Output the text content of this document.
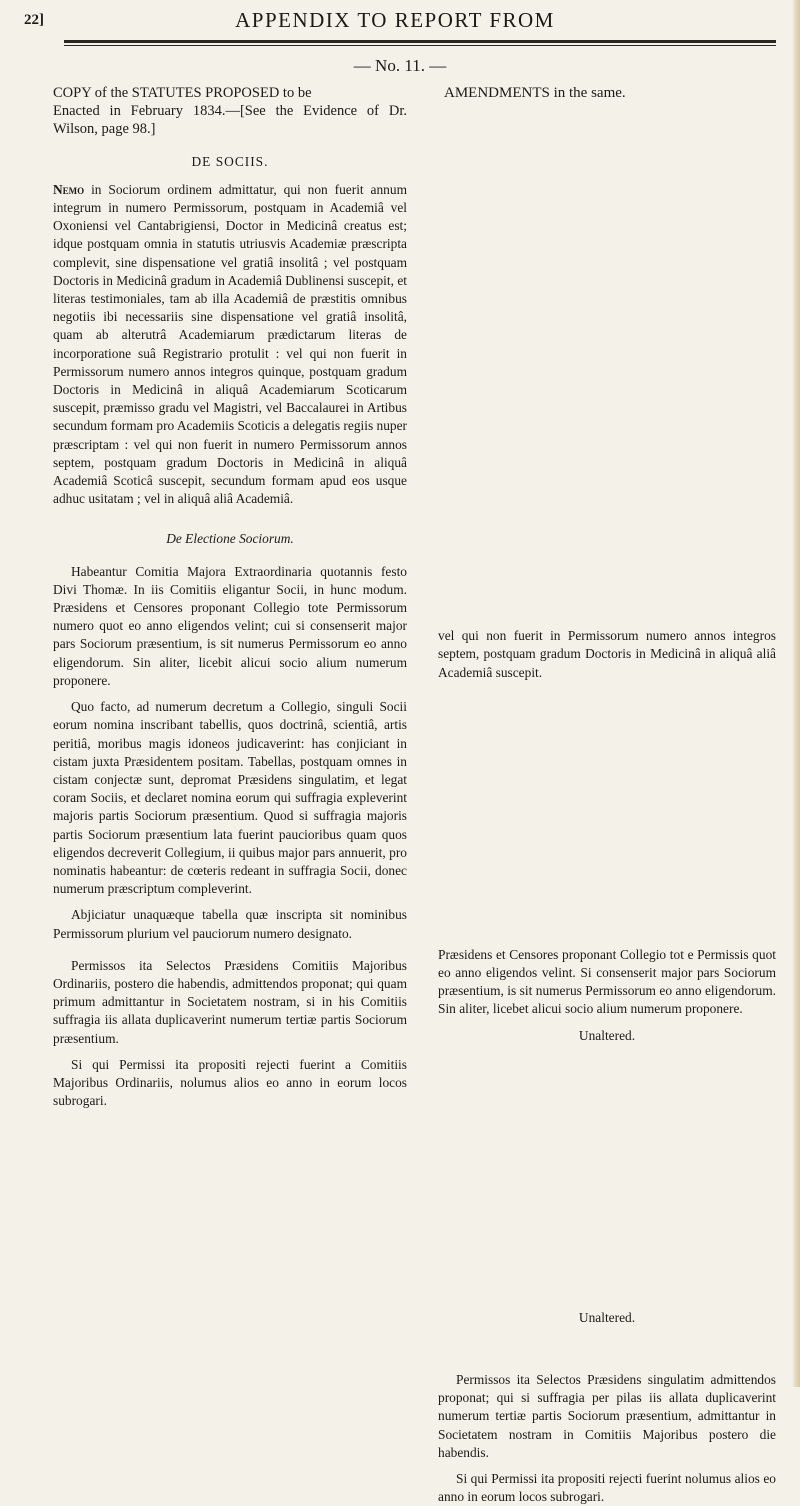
22]	APPENDIX TO REPORT FROM
— No. 11. —

COPY of the STATUTES PROPOSED to be

Enacted in February 1834.—[See the Evidence of Dr. Wilson, page 98.]

DE SOCIIS.

Nemo in Sociorum ordinem admittatur, qui non fuerit annum integrum in numero Permissorum, postquam in Academiâ vel Oxoniensi vel Cantabrigiensi, Doctor in Medicinâ creatus est; idque postquam omnia in statutis utriusvis Academiæ præscripta complevit, sine dispensatione vel gratiâ insolitâ ; vel postquam Doctoris in Medicinâ gradum in Academiâ Dublinensi suscepit, et literas testimoniales, tam ab illa Academiâ de præstitis omnibus negotiis ibi necessariis sine dispensatione vel gratiâ insolitâ, quam ab alterutrâ Academiarum prædictarum literas de incorporatione suâ Registrario protulit : vel qui non fuerit in Permissorum numero annos integros quinque, postquam gradum Doctoris in Medicinâ in aliquâ Academiarum Scoticarum suscepit, præmisso gradu vel Magistri, vel Baccalaurei in Artibus secundum formam pro Academiis Scoticis a delegatis regiis nuper præscriptam : vel qui non fuerit in numero Permissorum annos septem, postquam gradum Doctoris in Medicinâ in aliquâ Academiâ Scoticâ suscepit, secundum formam apud eos usque adhuc usitatam ; vel in aliquâ aliâ Academiâ.

De Electione Sociorum.

Habeantur Comitia Majora Extraordinaria quotannis festo Divi Thomæ. In iis Comitiis eligantur Socii, in hunc modum. Præsidens et Censores proponant Collegio tote Permissorum numero quot eo anno eligendos velint; cui si consenserit major pars Sociorum præsentium, is sit numerus Permissorum eo anno eligendorum. Sin aliter, licebit alicui socio alium numerum proponere.

Quo facto, ad numerum decretum a Collegio, singuli Socii eorum nomina inscribant tabellis, quos doctrinâ, scientiâ, artis peritiâ, moribus magis idoneos judicaverint: has conjiciant in cistam juxta Præsidentem positam. Tabellas, postquam omnes in cistam conjectæ sunt, depromat Præsidens singulatim, et legat coram Sociis, et declaret nomina eorum qui suffragia expleverint majoris partis Sociorum præsentium. Quod si suffragia majoris partis Sociorum præsentium lata fuerint paucioribus quam quos eligendos decreverit Collegium, ii quibus major pars annuerit, pro nominatis habeantur: de cœteris redeant in suffragia Socii, donec numerum præscriptum compleverint.

Abjiciatur unaquæque tabella quæ inscripta sit nominibus Permissorum plurium vel pauciorum numero designato.

Permissos ita Selectos Præsidens Comitiis Majoribus Ordinariis, postero die habendis, admittendos proponat; qui quam primum admittantur in Societatem nostram, si in his Comitiis suffragia iis allata duplicaverint numerum tertiæ partis Sociorum præsentium.

Si qui Permissi ita propositi rejecti fuerint a Comitiis Majoribus Ordinariis, nolumus alios eo anno in eorum locos subrogari.

AMENDMENTS in the same.

vel qui non fuerit in Permissorum numero annos integros septem, postquam gradum Doctoris in Medicinâ in aliquâ aliâ Academiâ suscepit.

Præsidens et Censores proponant Collegio tot e Permissis quot eo anno eligendos velint. Si consenserit major pars Sociorum præsentium, is sit numerus Permissorum eo anno eligendorum. Sin aliter, licebet alicui socio alium numerum proponere.

Unaltered.

Unaltered.

Permissos ita Selectos Præsidens singulatim admittendos proponat; qui si suffragia per pilas iis allata duplicaverint numerum tertiæ partis Sociorum præsentium, admittantur in Societatem nostram in Comitiis Majoribus postero die habendis.

Si qui Permissi ita propositi rejecti fuerint nolumus alios eo anno in eorum locos subrogari.
